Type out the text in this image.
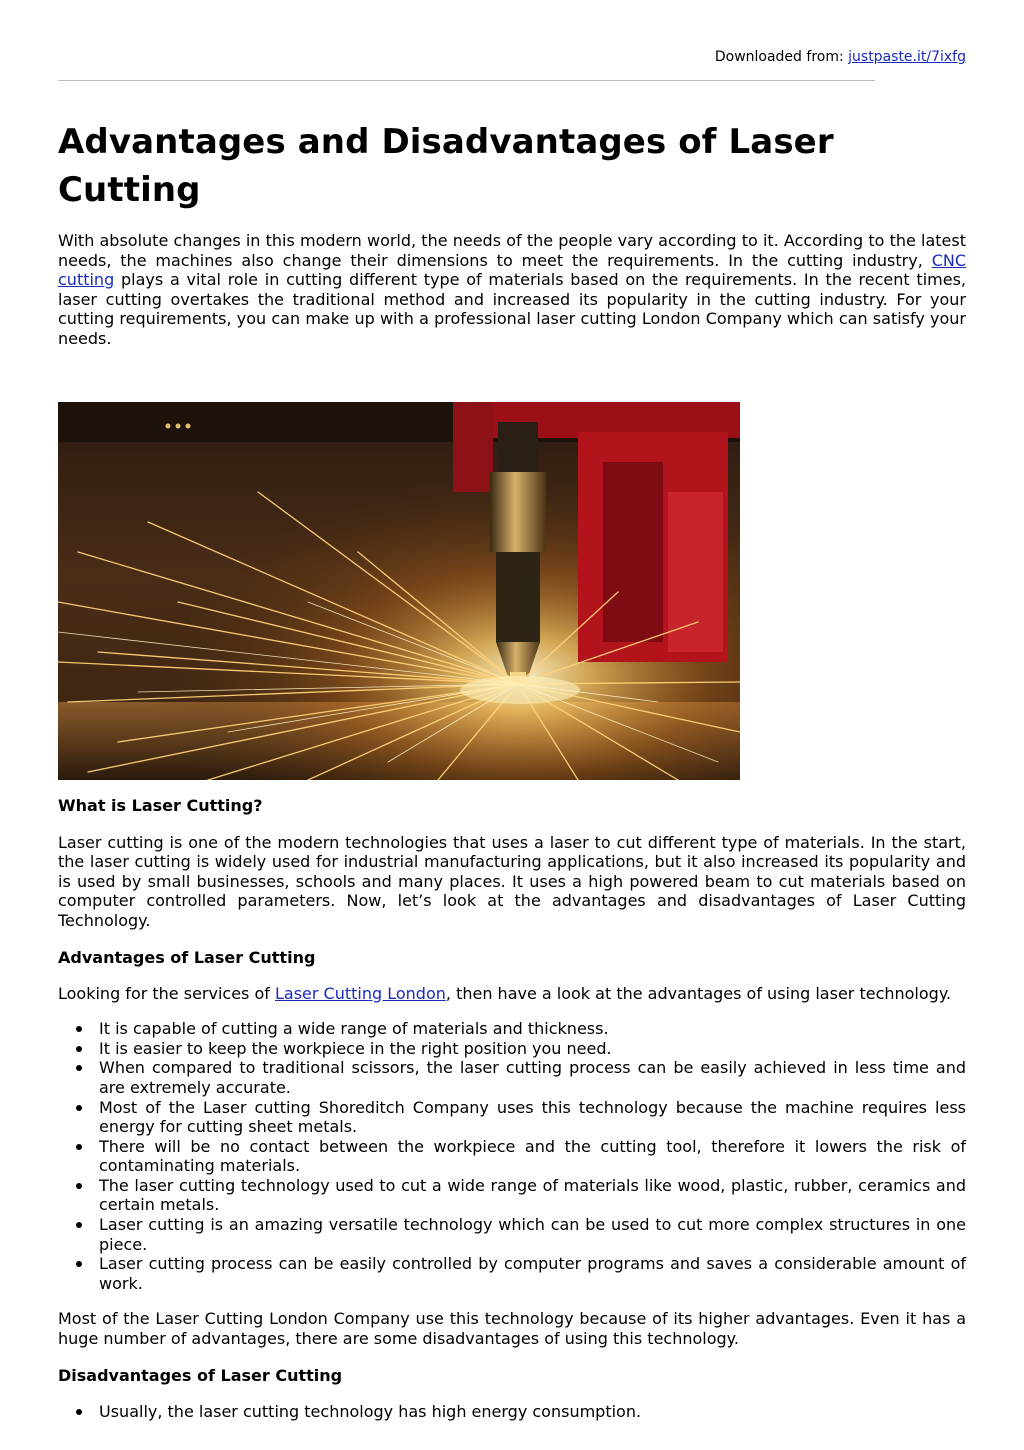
Downloaded from: justpaste.it/7ixfg
Advantages and Disadvantages of Laser Cutting

With absolute changes in this modern world, the needs of the people vary according to it. According to the latest needs, the machines also change their dimensions to meet the requirements. In the cutting industry, CNC cutting plays a vital role in cutting different type of materials based on the requirements. In the recent times, laser cutting overtakes the traditional method and increased its popularity in the cutting industry. For your cutting requirements, you can make up with a professional laser cutting London Company which can satisfy your needs.

What is Laser Cutting?

Laser cutting is one of the modern technologies that uses a laser to cut different type of materials. In the start, the laser cutting is widely used for industrial manufacturing applications, but it also increased its popularity and is used by small businesses, schools and many places. It uses a high powered beam to cut materials based on computer controlled parameters. Now, let’s look at the advantages and disadvantages of Laser Cutting Technology.

Advantages of Laser Cutting

Looking for the services of Laser Cutting London, then have a look at the advantages of using laser technology.

It is capable of cutting a wide range of materials and thickness.
It is easier to keep the workpiece in the right position you need.
When compared to traditional scissors, the laser cutting process can be easily achieved in less time and are extremely accurate.
Most of the Laser cutting Shoreditch Company uses this technology because the machine requires less energy for cutting sheet metals.
There will be no contact between the workpiece and the cutting tool, therefore it lowers the risk of contaminating materials.
The laser cutting technology used to cut a wide range of materials like wood, plastic, rubber, ceramics and certain metals.
Laser cutting is an amazing versatile technology which can be used to cut more complex structures in one piece.
Laser cutting process can be easily controlled by computer programs and saves a considerable amount of work.

Most of the Laser Cutting London Company use this technology because of its higher advantages. Even it has a huge number of advantages, there are some disadvantages of using this technology.

Disadvantages of Laser Cutting
Usually, the laser cutting technology has high energy consumption.
